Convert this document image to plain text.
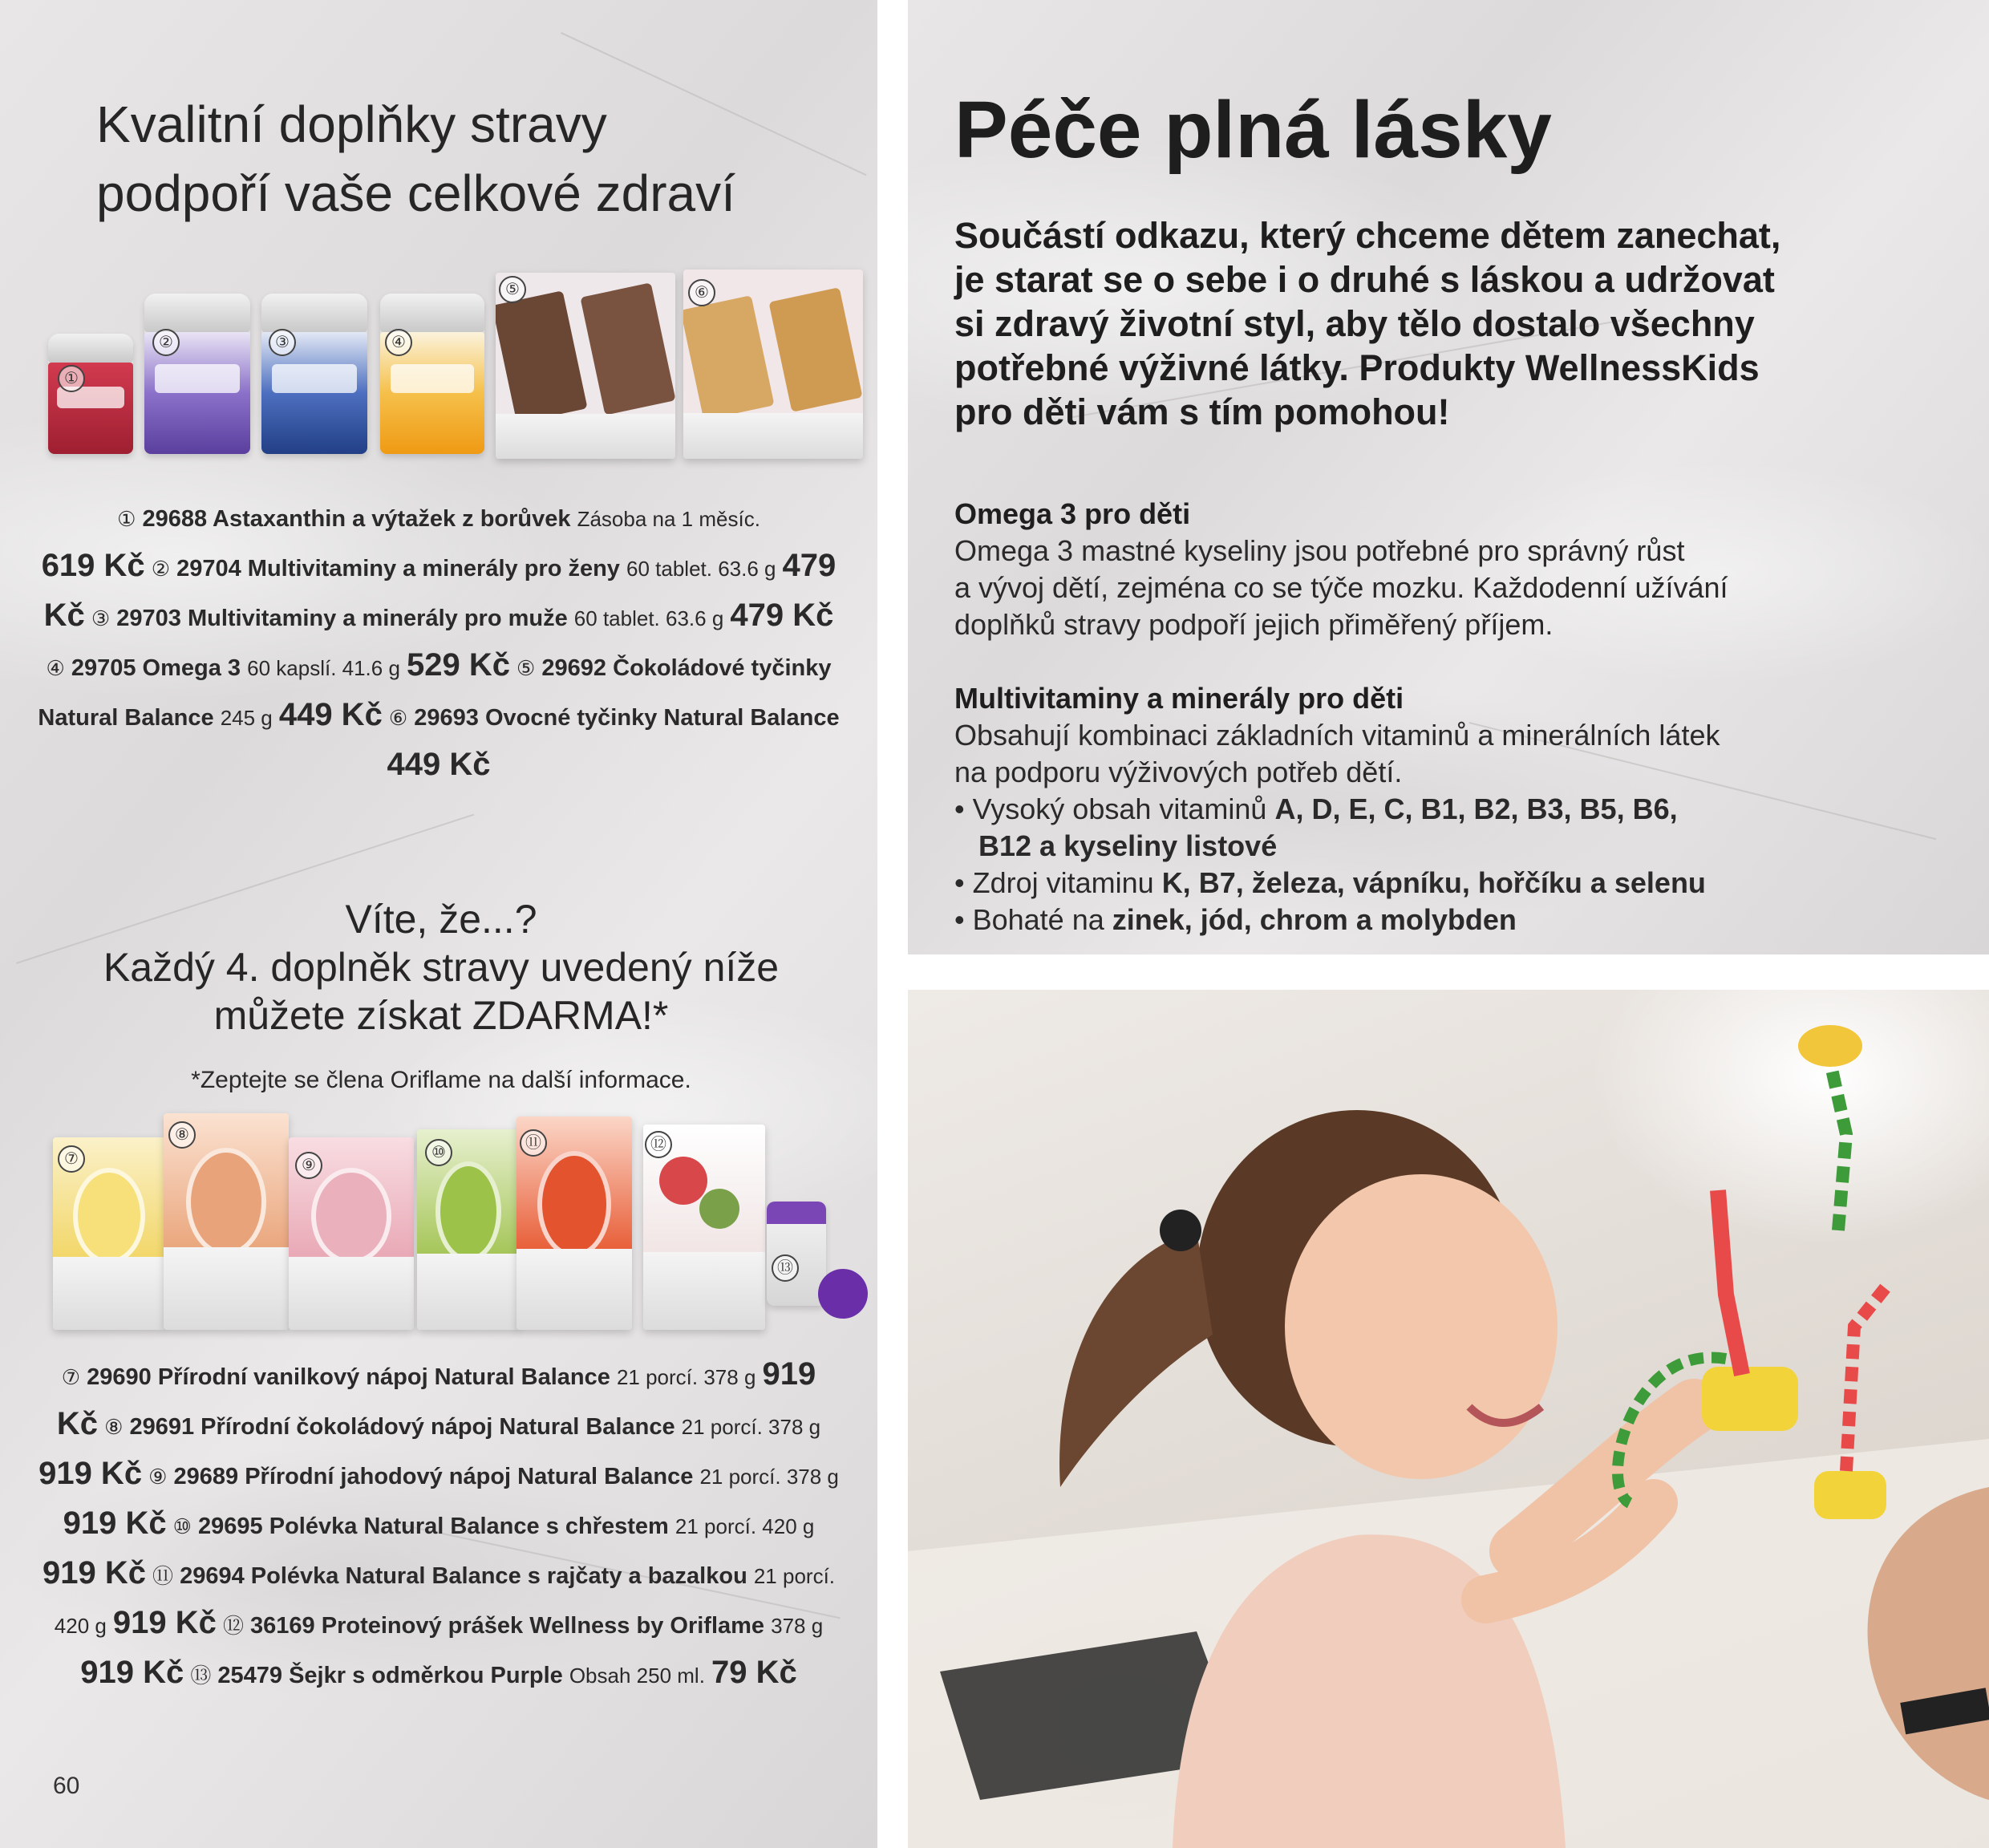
Kvalitní doplňky stravy
podpoří vaše celkové zdraví
①
②	③	④
⑤	⑥
① 29688 Astaxanthin a výtažek z borůvek Zásoba na 1 měsíc.
619 Kč ② 29704 Multivitaminy a minerály pro ženy 60 tablet. 63.6 g 479 Kč ③ 29703 Multivitaminy a minerály pro muže 60 tablet. 63.6 g 479 Kč ④ 29705 Omega 3 60 kapslí. 41.6 g 529 Kč ⑤ 29692 Čokoládové tyčinky Natural Balance 245 g 449 Kč ⑥ 29693 Ovocné tyčinky Natural Balance 449 Kč
Víte, že...?
Každý 4. doplněk stravy uvedený níže
můžete získat ZDARMA!*
*Zeptejte se člena Oriflame na další informace.
⑦
⑧
⑨
⑩
⑪	⑫
⑬
⑦ 29690 Přírodní vanilkový nápoj Natural Balance 21 porcí. 378 g 919 Kč ⑧ 29691 Přírodní čokoládový nápoj Natural Balance 21 porcí. 378 g 919 Kč ⑨ 29689 Přírodní jahodový nápoj Natural Balance 21 porcí. 378 g 919 Kč ⑩ 29695 Polévka Natural Balance s chřestem 21 porcí. 420 g 919 Kč ⑪ 29694 Polévka Natural Balance s rajčaty a bazalkou 21 porcí. 420 g 919 Kč ⑫ 36169 Proteinový prášek Wellness by Oriflame 378 g 919 Kč ⑬ 25479 Šejkr s odměrkou Purple Obsah 250 ml. 79 Kč
60
Péče plná lásky
Součástí odkazu, který chceme dětem zanechat,
je starat se o sebe i o druhé s láskou a udržovat
si zdravý životní styl, aby tělo dostalo všechny
potřebné výživné látky. Produkty WellnessKids
pro děti vám s tím pomohou!
Omega 3 pro děti
Omega 3 mastné kyseliny jsou potřebné pro správný růst
a vývoj dětí, zejména co se týče mozku. Každodenní užívání
doplňků stravy podpoří jejich přiměřený příjem.
Multivitaminy a minerály pro děti
Obsahují kombinaci základních vitaminů a minerálních látek
na podporu výživových potřeb dětí.
• Vysoký obsah vitaminů A, D, E, C, B1, B2, B3, B5, B6,
B12 a kyseliny listové
• Zdroj vitaminu K, B7, železa, vápníku, hořčíku a selenu
• Bohaté na zinek, jód, chrom a molybden
